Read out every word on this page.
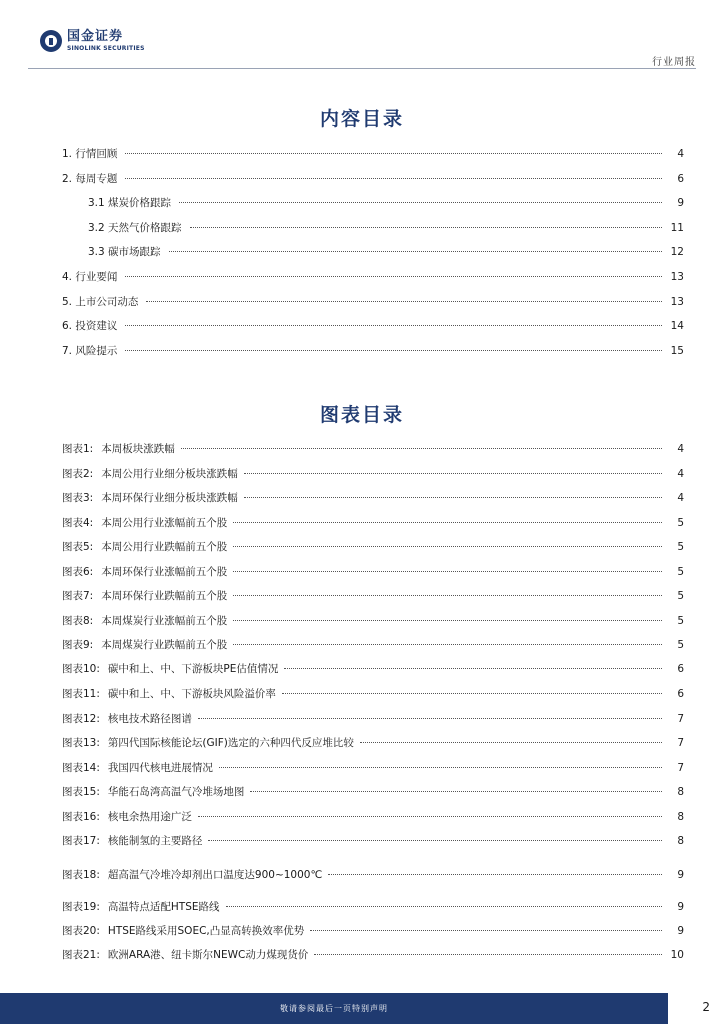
国金证券
SINOLINK SECURITIES
行业周报
内容目录
1. 行情回顾	4
2. 每周专题	6
3.1 煤炭价格跟踪	9
3.2 天然气价格跟踪	11
3.3 碳市场跟踪	12
4. 行业要闻	13
5. 上市公司动态	13
6. 投资建议	14
7. 风险提示	15
图表目录
图表1: 本周板块涨跌幅	4
图表2: 本周公用行业细分板块涨跌幅	4
图表3: 本周环保行业细分板块涨跌幅	4
图表4: 本周公用行业涨幅前五个股	5
图表5: 本周公用行业跌幅前五个股	5
图表6: 本周环保行业涨幅前五个股	5
图表7: 本周环保行业跌幅前五个股	5
图表8: 本周煤炭行业涨幅前五个股	5
图表9: 本周煤炭行业跌幅前五个股	5
图表10: 碳中和上、中、下游板块PE估值情况	6
图表11: 碳中和上、中、下游板块风险溢价率	6
图表12: 核电技术路径图谱	7
图表13: 第四代国际核能论坛(GIF)选定的六种四代反应堆比较	7
图表14: 我国四代核电进展情况	7
图表15: 华能石岛湾高温气冷堆场地图	8
图表16: 核电余热用途广泛	8
图表17: 核能制氢的主要路径	8
图表18: 超高温气冷堆冷却剂出口温度达900~1000℃	9
图表19: 高温特点适配HTSE路线	9
图表20: HTSE路线采用SOEC,凸显高转换效率优势	9
图表21: 欧洲ARA港、纽卡斯尔NEWC动力煤现货价	10
敬请参阅最后一页特别声明	2
